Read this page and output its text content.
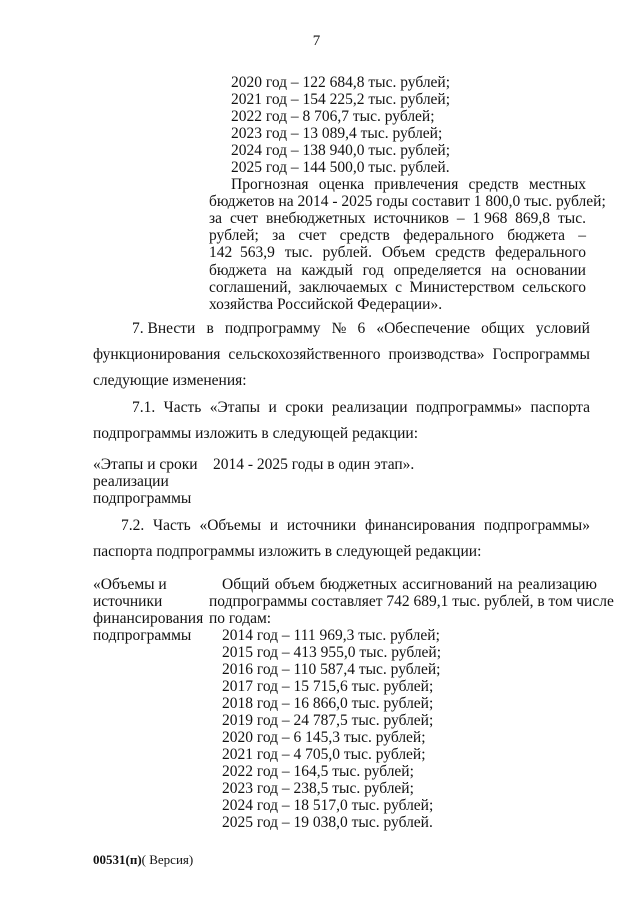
7
2020 год – 122 684,8 тыс. рублей;
2021 год – 154 225,2 тыс. рублей;
2022 год – 8 706,7 тыс. рублей;
2023 год – 13 089,4 тыс. рублей;
2024 год – 138 940,0 тыс. рублей;
2025 год – 144 500,0 тыс. рублей.
Прогнозная оценка привлечения средств местных
бюджетов на 2014 - 2025 годы составит 1 800,0 тыс. рублей;
за счет внебюджетных источников – 1 968  869,8 тыс.
рублей; за счет средств федерального бюджета –
142  563,9 тыс. рублей. Объем средств федерального
бюджета на каждый год определяется на основании
соглашений, заключаемых с Министерством сельского
хозяйства Российской Федерации».
7. Внести в подпрограмму № 6 «Обеспечение общих условий
функционирования сельскохозяйственного производства» Госпрограммы
следующие изменения:
7.1. Часть «Этапы и сроки реализации подпрограммы» паспорта
подпрограммы изложить в следующей редакции:
«Этапы и сроки
реализации
подпрограммы
2014 - 2025 годы в один этап».
7.2. Часть «Объемы и источники финансирования подпрограммы»
паспорта подпрограммы изложить в следующей редакции:
«Объемы и
источники
финансирования
подпрограммы
Общий объем бюджетных ассигнований на реализацию
подпрограммы составляет 742 689,1 тыс. рублей, в том числе
по годам:
2014 год – 111 969,3 тыс. рублей;
2015 год – 413 955,0 тыс. рублей;
2016 год – 110 587,4 тыс. рублей;
2017 год – 15 715,6 тыс. рублей;
2018 год – 16 866,0 тыс. рублей;
2019 год – 24 787,5 тыс. рублей;
2020 год – 6 145,3 тыс. рублей;
2021 год – 4 705,0 тыс. рублей;
2022 год – 164,5 тыс. рублей;
2023 год – 238,5 тыс. рублей;
2024 год – 18 517,0 тыс. рублей;
2025 год – 19 038,0 тыс. рублей.
00531(п)( Версия)
